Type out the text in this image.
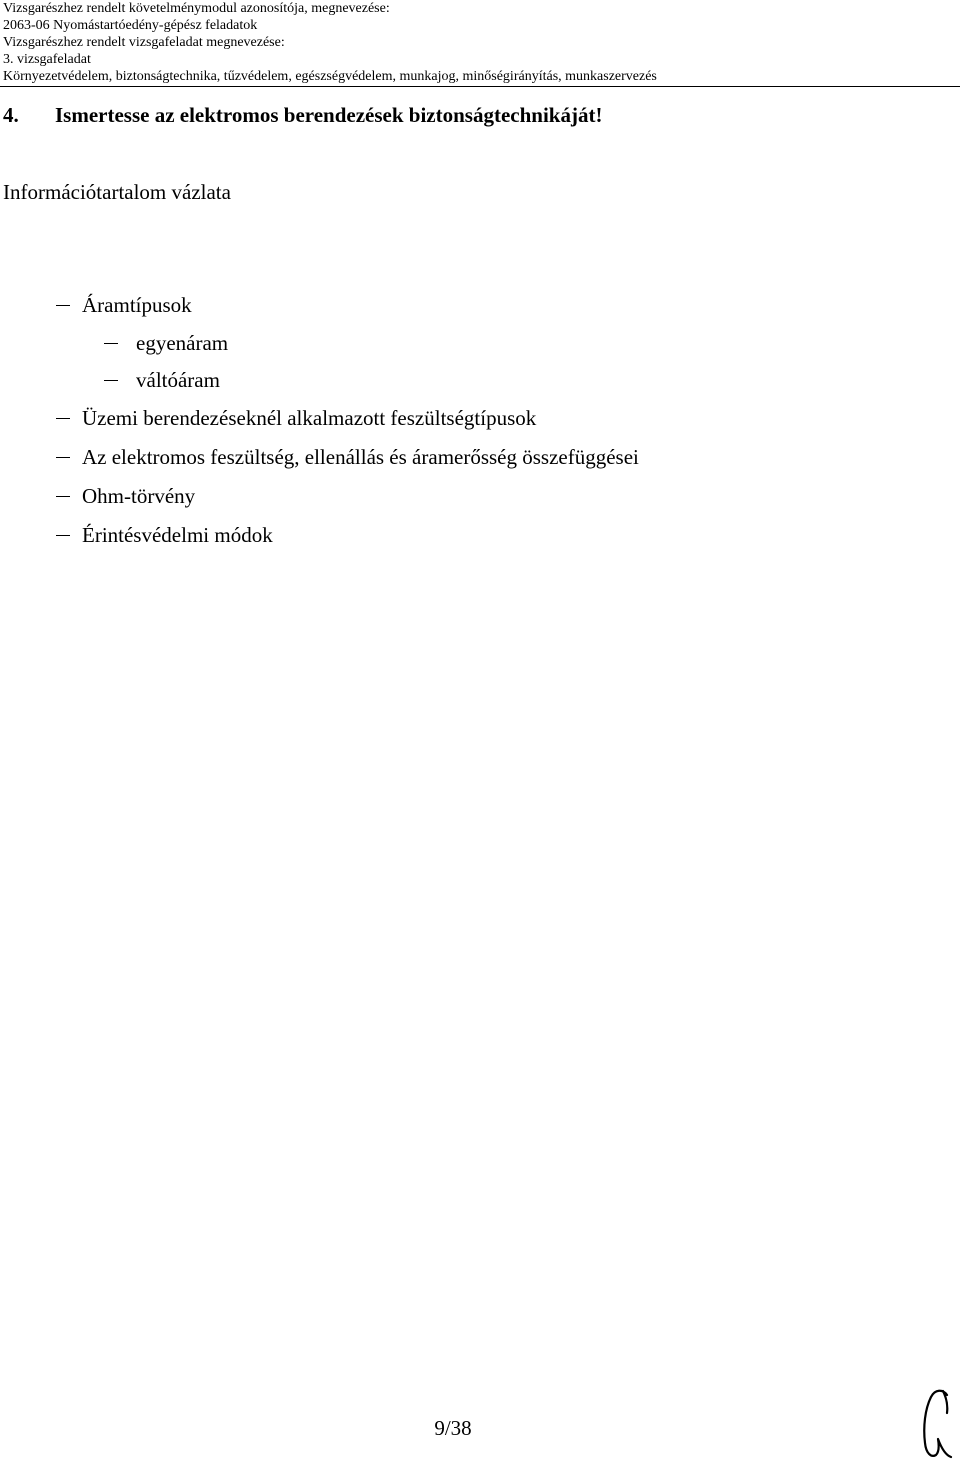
Vizsgarészhez rendelt követelménymodul azonosítója, megnevezése:
2063-06 Nyomástartóedény-gépész feladatok
Vizsgarészhez rendelt vizsgafeladat megnevezése:
3. vizsgafeladat
Környezetvédelem, biztonságtechnika, tűzvédelem, egészségvédelem, munkajog, minőségirányítás, munkaszervezés
4. Ismertesse az elektromos berendezések biztonságtechnikáját!
Információtartalom vázlata
Áramtípusok
egyenáram
váltóáram
Üzemi berendezéseknél alkalmazott feszültségtípusok
Az elektromos feszültség, ellenállás és áramerősség összefüggései
Ohm-törvény
Érintésvédelmi módok
9/38
